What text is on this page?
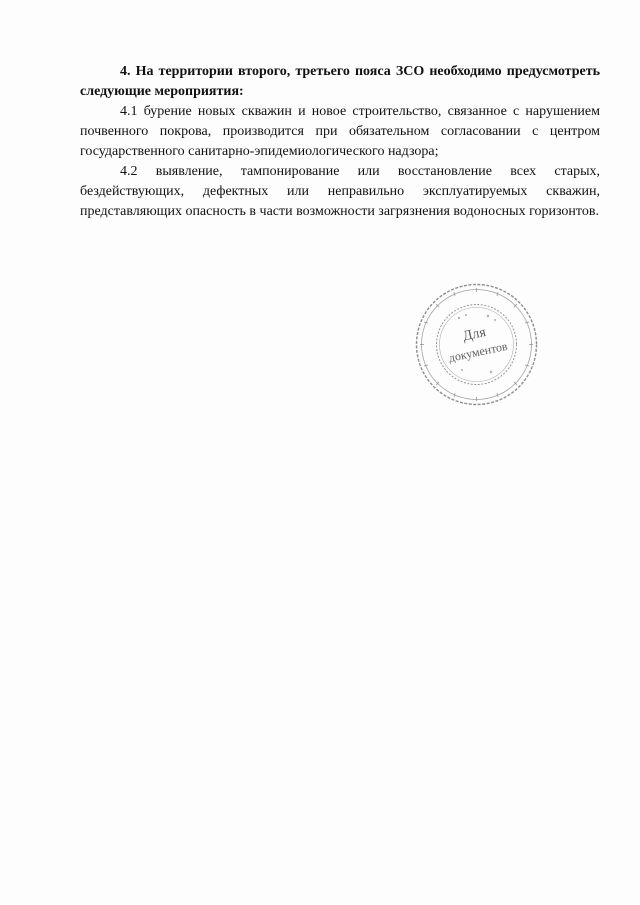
4. На территории второго, третьего пояса ЗСО необходимо предусмотреть следующие мероприятия:

4.1 бурение новых скважин и новое строительство, связанное с нарушением почвенного покрова, производится при обязательном согласовании с центром государственного санитарно-эпидемиологического надзора;

4.2 выявление, тампонирование или восстановление всех старых, бездействующих, дефектных или неправильно эксплуатируемых скважин, представляющих опасность в части возможности загрязнения водоносных горизонтов.

Для
документов
